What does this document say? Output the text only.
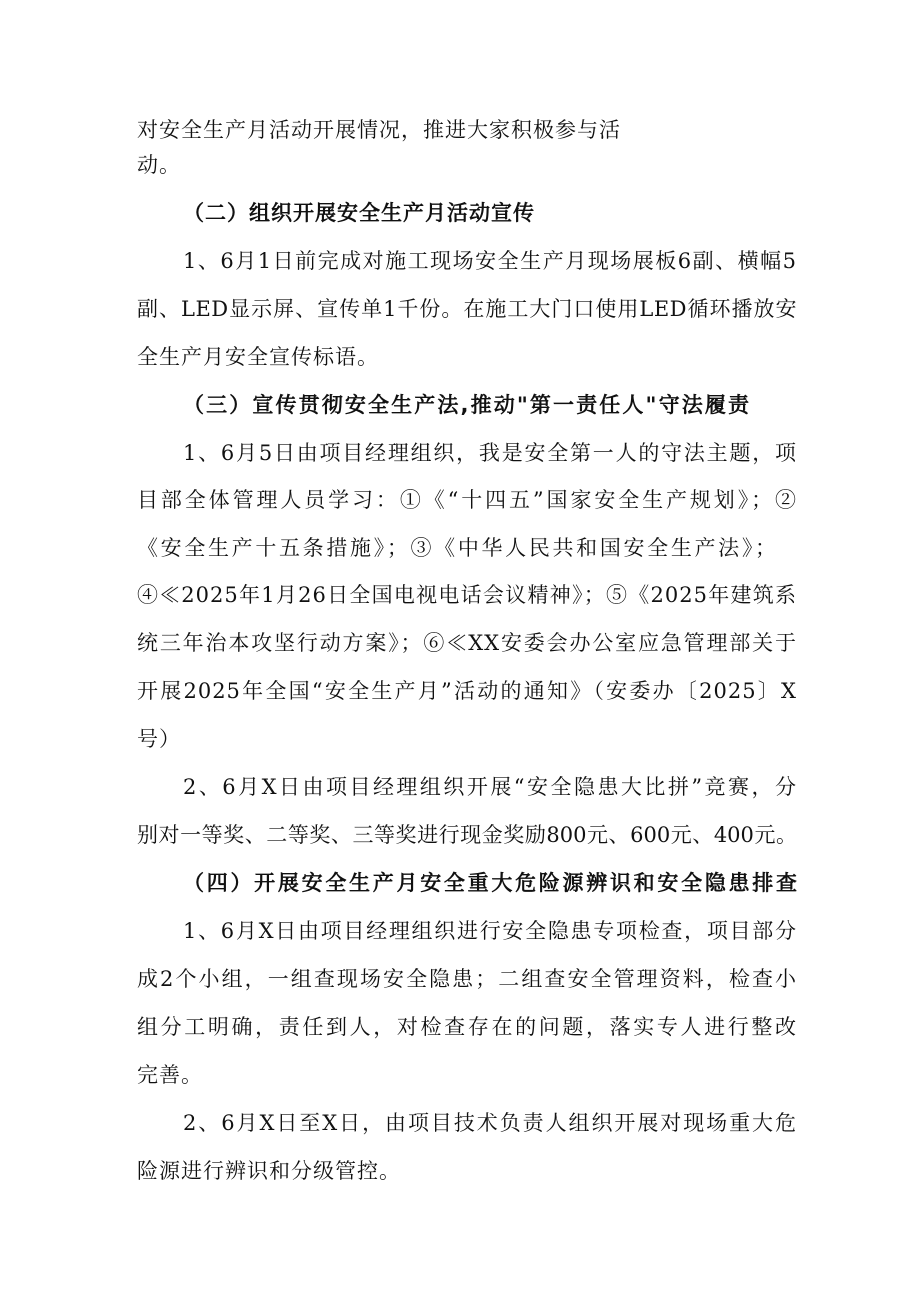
对安全生产月活动开展情况，推进大家积极参与活
动。
（二）组织开展安全生产月活动宣传
1、6月1日前完成对施工现场安全生产月现场展板6副、横幅5
副、LED显示屏、宣传单1千份。在施工大门口使用LED循环播放安
全生产月安全宣传标语。
（三）宣传贯彻安全生产法,推动"第一责任人"守法履责
1、6月5日由项目经理组织，我是安全第一人的守法主题，项
目部全体管理人员学习：①《“十四五”国家安全生产规划》；②
《安全生产十五条措施》；③《中华人民共和国安全生产法》；
④≪2025年1月26日全国电视电话会议精神》；⑤《2025年建筑系
统三年治本攻坚行动方案》；⑥≪XX安委会办公室应急管理部关于
开展2025年全国“安全生产月”活动的通知》（安委办〔2025〕X
号）
2、6月X日由项目经理组织开展“安全隐患大比拼”竞赛，分
别对一等奖、二等奖、三等奖进行现金奖励800元、600元、400元。
（四）开展安全生产月安全重大危险源辨识和安全隐患排查
1、6月X日由项目经理组织进行安全隐患专项检查，项目部分
成2个小组，一组查现场安全隐患；二组查安全管理资料，检查小
组分工明确，责任到人，对检查存在的问题，落实专人进行整改
完善。
2、6月X日至X日，由项目技术负责人组织开展对现场重大危
险源进行辨识和分级管控。
